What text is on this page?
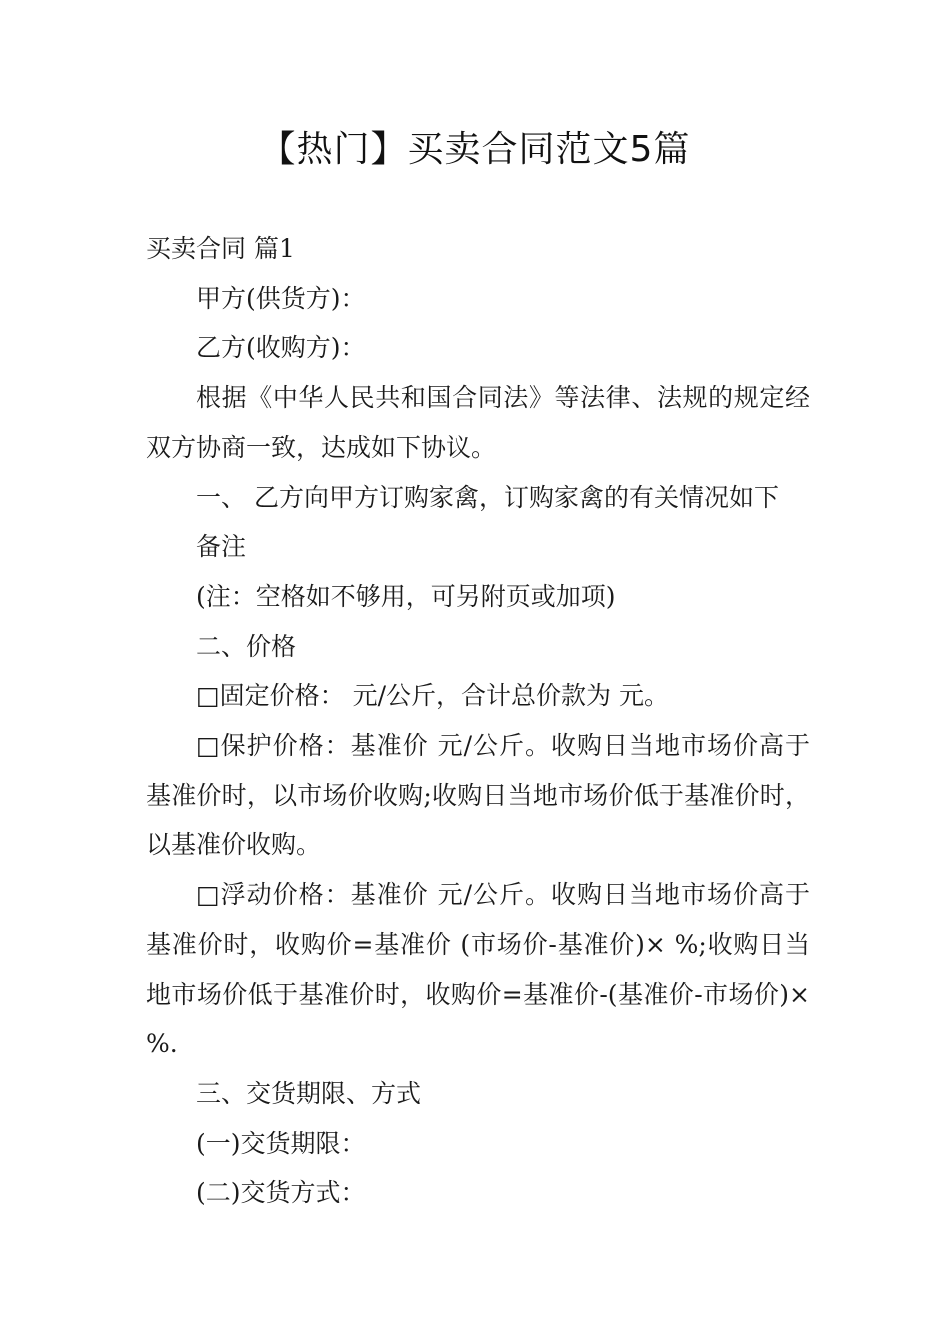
【热门】买卖合同范文5篇

买卖合同 篇1

甲方(供货方)：

乙方(收购方)：

根据《中华人民共和国合同法》等法律、法规的规定经双方协商一致，达成如下协议。

一、 乙方向甲方订购家禽，订购家禽的有关情况如下

备注

(注：空格如不够用，可另附页或加项)

二、价格

□固定价格： 元/公斤，合计总价款为 元。

□保护价格：基准价 元/公斤。收购日当地市场价高于基准价时，以市场价收购;收购日当地市场价低于基准价时，以基准价收购。

□浮动价格：基准价 元/公斤。收购日当地市场价高于基准价时，收购价=基准价 (市场价-基准价)× %;收购日当地市场价低于基准价时，收购价=基准价-(基准价-市场价)× %.

三、交货期限、方式

(一)交货期限：

(二)交货方式：
